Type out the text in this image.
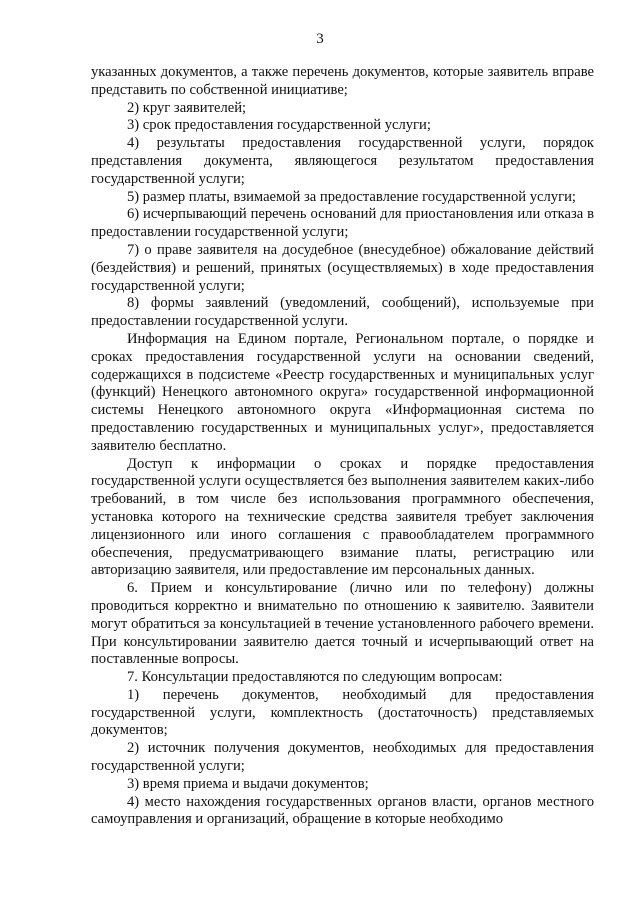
3

указанных документов, а также перечень документов, которые заявитель вправе представить по собственной инициативе;

2) круг заявителей;

3) срок предоставления государственной услуги;

4) результаты предоставления государственной услуги, порядок представления документа, являющегося результатом предоставления государственной услуги;

5) размер платы, взимаемой за предоставление государственной услуги;

6) исчерпывающий перечень оснований для приостановления или отказа в предоставлении государственной услуги;

7) о праве заявителя на досудебное (внесудебное) обжалование действий (бездействия) и решений, принятых (осуществляемых) в ходе предоставления государственной услуги;

8) формы заявлений (уведомлений, сообщений), используемые при предоставлении государственной услуги.

Информация на Едином портале, Региональном портале, о порядке и сроках предоставления государственной услуги на основании сведений, содержащихся в подсистеме «Реестр государственных и муниципальных услуг (функций) Ненецкого автономного округа» государственной информационной системы Ненецкого автономного округа «Информационная система по предоставлению государственных и муниципальных услуг», предоставляется заявителю бесплатно.

Доступ к информации о сроках и порядке предоставления государственной услуги осуществляется без выполнения заявителем каких-либо требований, в том числе без использования программного обеспечения, установка которого на технические средства заявителя требует заключения лицензионного или иного соглашения с правообладателем программного обеспечения, предусматривающего взимание платы, регистрацию или авторизацию заявителя, или предоставление им персональных данных.

6. Прием и консультирование (лично или по телефону) должны проводиться корректно и внимательно по отношению к заявителю. Заявители могут обратиться за консультацией в течение установленного рабочего времени. При консультировании заявителю дается точный и исчерпывающий ответ на поставленные вопросы.

7. Консультации предоставляются по следующим вопросам:

1) перечень документов, необходимый для предоставления государственной услуги, комплектность (достаточность) представляемых документов;

2) источник получения документов, необходимых для предоставления государственной услуги;

3) время приема и выдачи документов;

4) место нахождения государственных органов власти, органов местного самоуправления и организаций, обращение в которые необходимо
